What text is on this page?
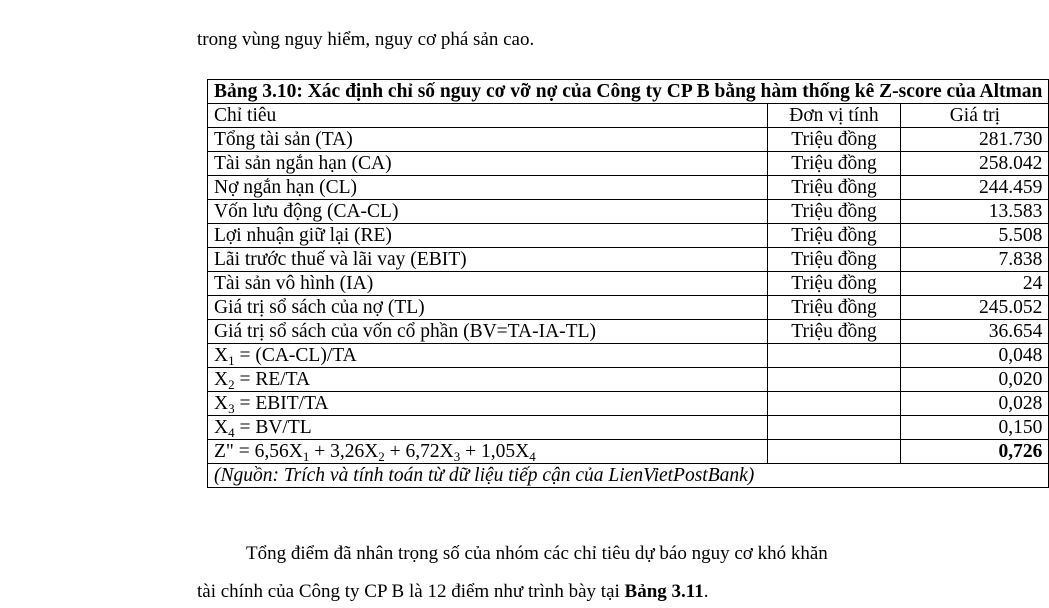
trong vùng nguy hiểm, nguy cơ phá sản cao.
Bảng 3.10: Xác định chỉ số nguy cơ vỡ nợ của Công ty CP B bằng hàm thống kê Z-score của Altman		
Chỉ tiêu	Đơn vị tính	Giá trị
Tổng tài sản (TA)	Triệu đồng	281.730
Tài sản ngắn hạn (CA)	Triệu đồng	258.042
Nợ ngắn hạn (CL)	Triệu đồng	244.459
Vốn lưu động (CA-CL)	Triệu đồng	13.583
Lợi nhuận giữ lại (RE)	Triệu đồng	5.508
Lãi trước thuế và lãi vay (EBIT)	Triệu đồng	7.838
Tài sản vô hình (IA)	Triệu đồng	24
Giá trị sổ sách của nợ (TL)	Triệu đồng	245.052
Giá trị sổ sách của vốn cổ phần (BV=TA-IA-TL)	Triệu đồng	36.654
$X_1 = (CA-CL)/TA$		0,048
$X_2 = RE/TA$		0,020
$X_3$ = EBIT/TA		0,028
$X_4 = BV/TL$		0,150
Z" = $6,56X_1 + 3,26X_2 + 6,72X_3 + 1,05X_4$		0,726
(Nguồn: Trích và tính toán từ dữ liệu tiếp cận của LienVietPostBank)		
Tổng điểm đã nhân trọng số của nhóm các chỉ tiêu dự báo nguy cơ khó khăn
tài chính của Công ty CP B là 12 điểm như trình bày tại Bảng 3.11.
